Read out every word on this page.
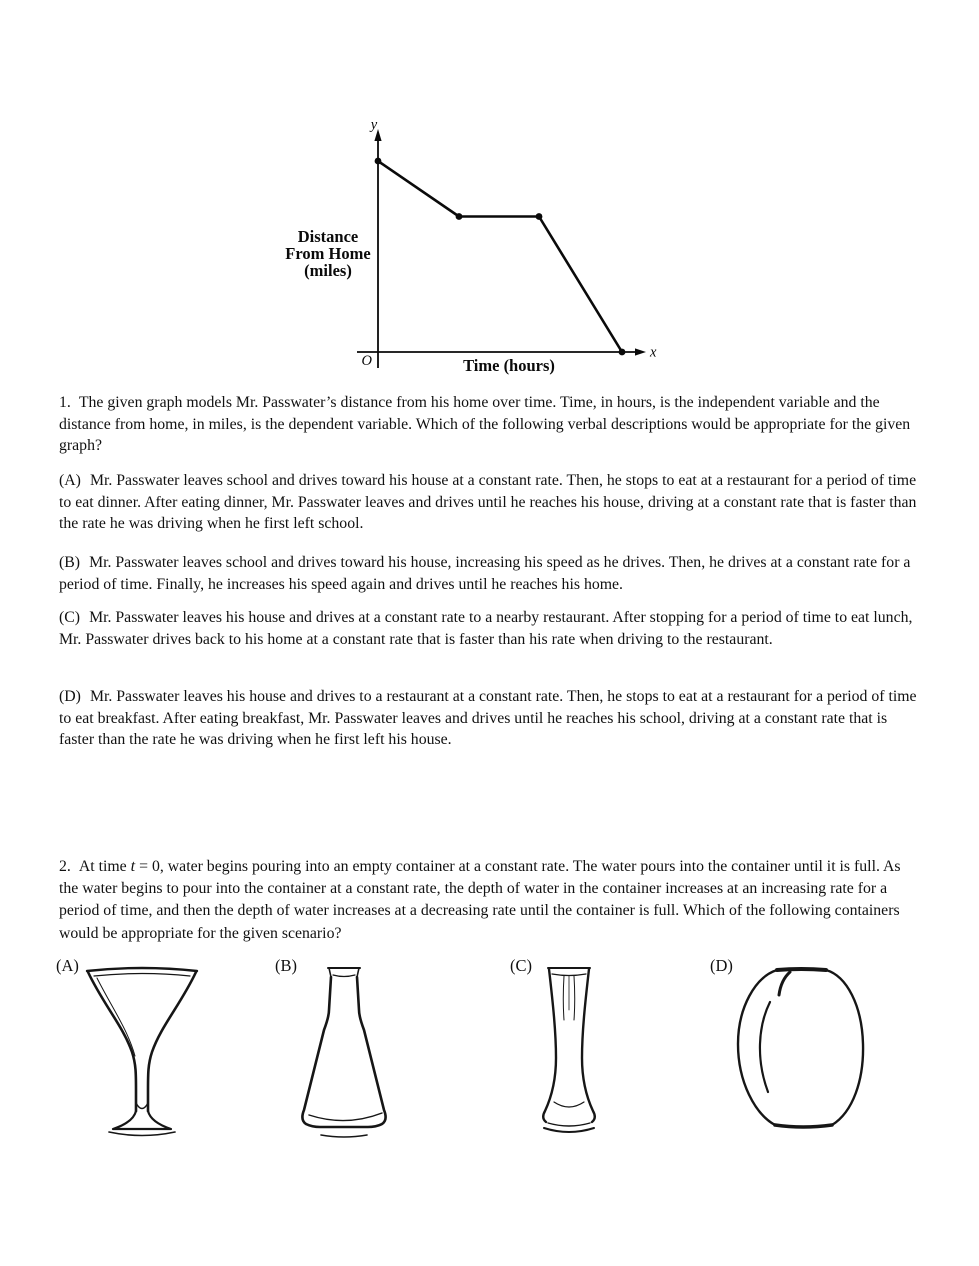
y
x
O
Distance
From Home
(miles)
Time (hours)

1. The given graph models Mr. Passwater’s distance from his home over time. Time, in hours, is the independent variable and the distance from home, in miles, is the dependent variable. Which of the following verbal descriptions would be appropriate for the given graph?

(A) Mr. Passwater leaves school and drives toward his house at a constant rate. Then, he stops to eat at a restaurant for a period of time to eat dinner. After eating dinner, Mr. Passwater leaves and drives until he reaches his house, driving at a constant rate that is faster than the rate he was driving when he first left school.

(B) Mr. Passwater leaves school and drives toward his house, increasing his speed as he drives. Then, he drives at a constant rate for a period of time. Finally, he increases his speed again and drives until he reaches his home.

(C) Mr. Passwater leaves his house and drives at a constant rate to a nearby restaurant. After stopping for a period of time to eat lunch, Mr. Passwater drives back to his home at a constant rate that is faster than his rate when driving to the restaurant.

(D) Mr. Passwater leaves his house and drives to a restaurant at a constant rate. Then, he stops to eat at a restaurant for a period of time to eat breakfast. After eating breakfast, Mr. Passwater leaves and drives until he reaches his school, driving at a constant rate that is faster than the rate he was driving when he first left his house.

2. At time t = 0, water begins pouring into an empty container at a constant rate. The water pours into the container until it is full. As the water begins to pour into the container at a constant rate, the depth of water in the container increases at an increasing rate for a period of time, and then the depth of water increases at a decreasing rate until the container is full. Which of the following containers would be appropriate for the given scenario?

(A)	(B)	(C)	(D)
